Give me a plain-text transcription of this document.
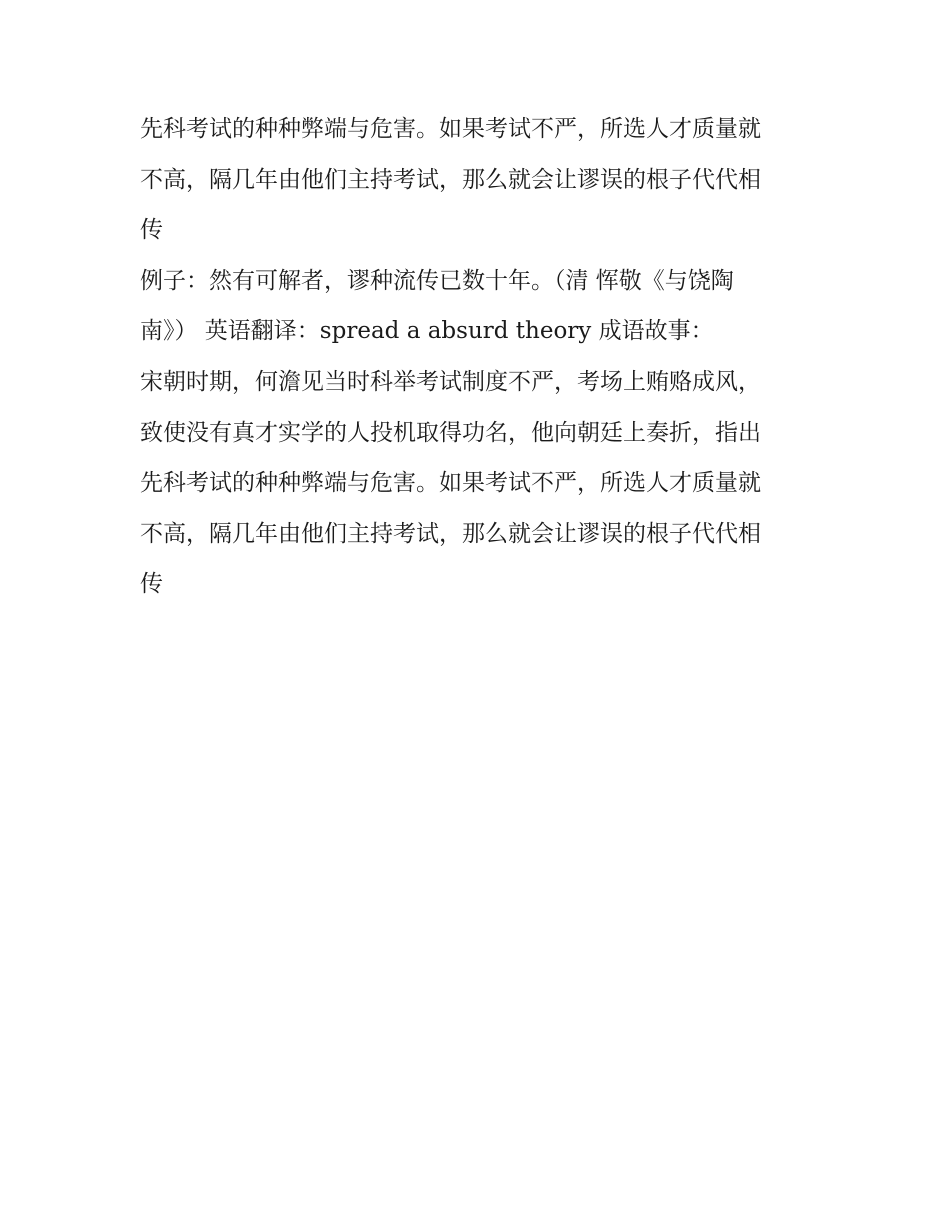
先科考试的种种弊端与危害。如果考试不严，所选人才质量就
不高，隔几年由他们主持考试，那么就会让谬误的根子代代相
传
例子：然有可解者，谬种流传已数十年。（清 恽敬《与饶陶
南》） 英语翻译：spread a absurd theory 成语故事：
宋朝时期，何澹见当时科举考试制度不严，考场上贿赂成风，
致使没有真才实学的人投机取得功名，他向朝廷上奏折，指出
先科考试的种种弊端与危害。如果考试不严，所选人才质量就
不高，隔几年由他们主持考试，那么就会让谬误的根子代代相
传
